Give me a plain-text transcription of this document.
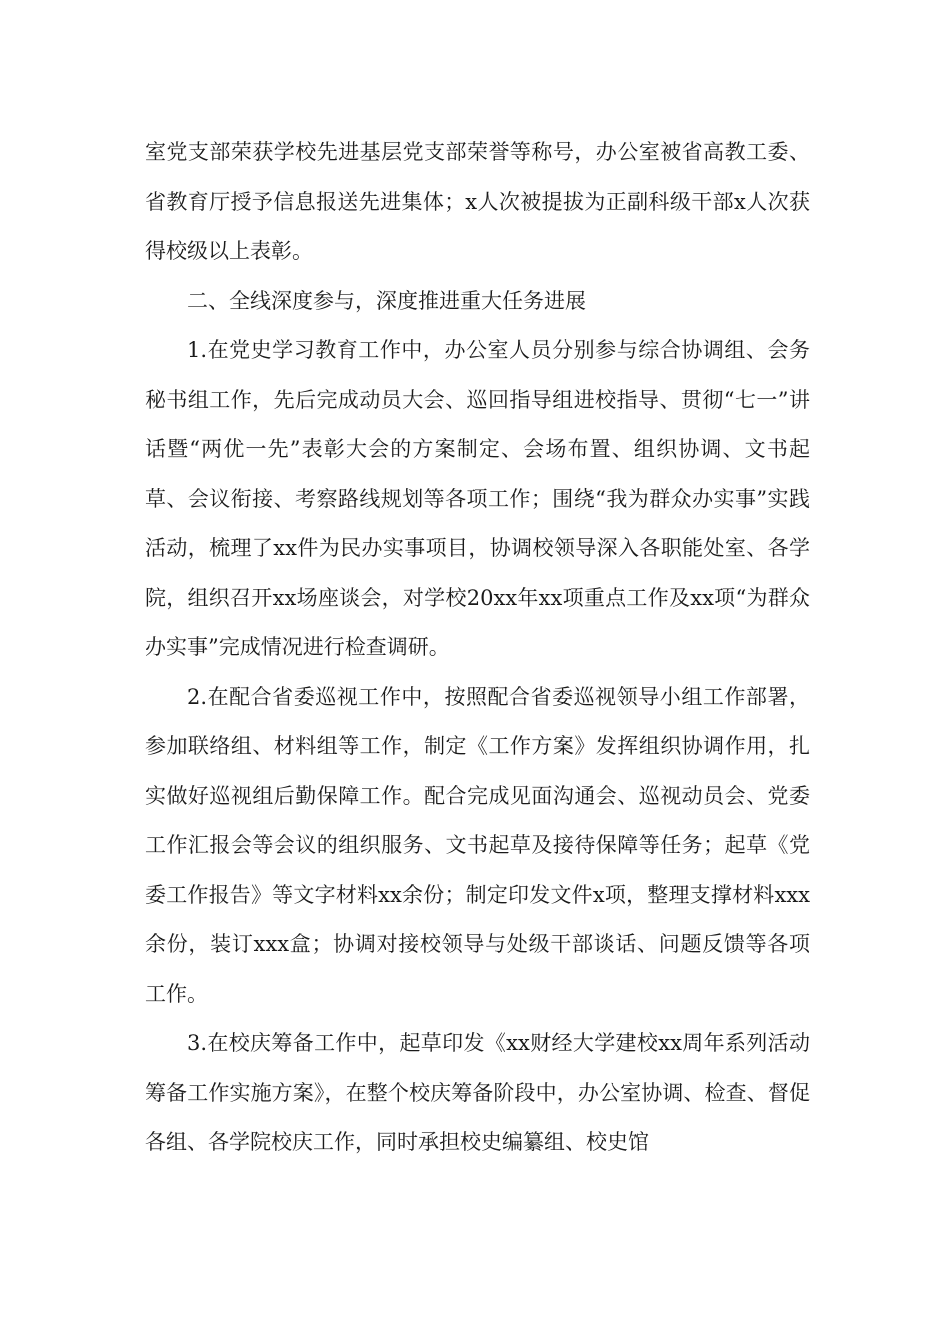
室党支部荣获学校先进基层党支部荣誉等称号，办公室被省高教工委、省教育厅授予信息报送先进集体；x人次被提拔为正副科级干部x人次获得校级以上表彰。

二、全线深度参与，深度推进重大任务进展

1.在党史学习教育工作中，办公室人员分别参与综合协调组、会务秘书组工作，先后完成动员大会、巡回指导组进校指导、贯彻“七一”讲话暨“两优一先”表彰大会的方案制定、会场布置、组织协调、文书起草、会议衔接、考察路线规划等各项工作；围绕“我为群众办实事”实践活动，梳理了xx件为民办实事项目，协调校领导深入各职能处室、各学院，组织召开xx场座谈会，对学校20xx年xx项重点工作及xx项“为群众办实事”完成情况进行检查调研。

2.在配合省委巡视工作中，按照配合省委巡视领导小组工作部署，参加联络组、材料组等工作，制定《工作方案》发挥组织协调作用，扎实做好巡视组后勤保障工作。配合完成见面沟通会、巡视动员会、党委工作汇报会等会议的组织服务、文书起草及接待保障等任务；起草《党委工作报告》等文字材料xx余份；制定印发文件x项，整理支撑材料xxx余份，装订xxx盒；协调对接校领导与处级干部谈话、问题反馈等各项工作。

3.在校庆筹备工作中，起草印发《xx财经大学建校xx周年系列活动筹备工作实施方案》，在整个校庆筹备阶段中，办公室协调、检查、督促各组、各学院校庆工作，同时承担校史编纂组、校史馆
